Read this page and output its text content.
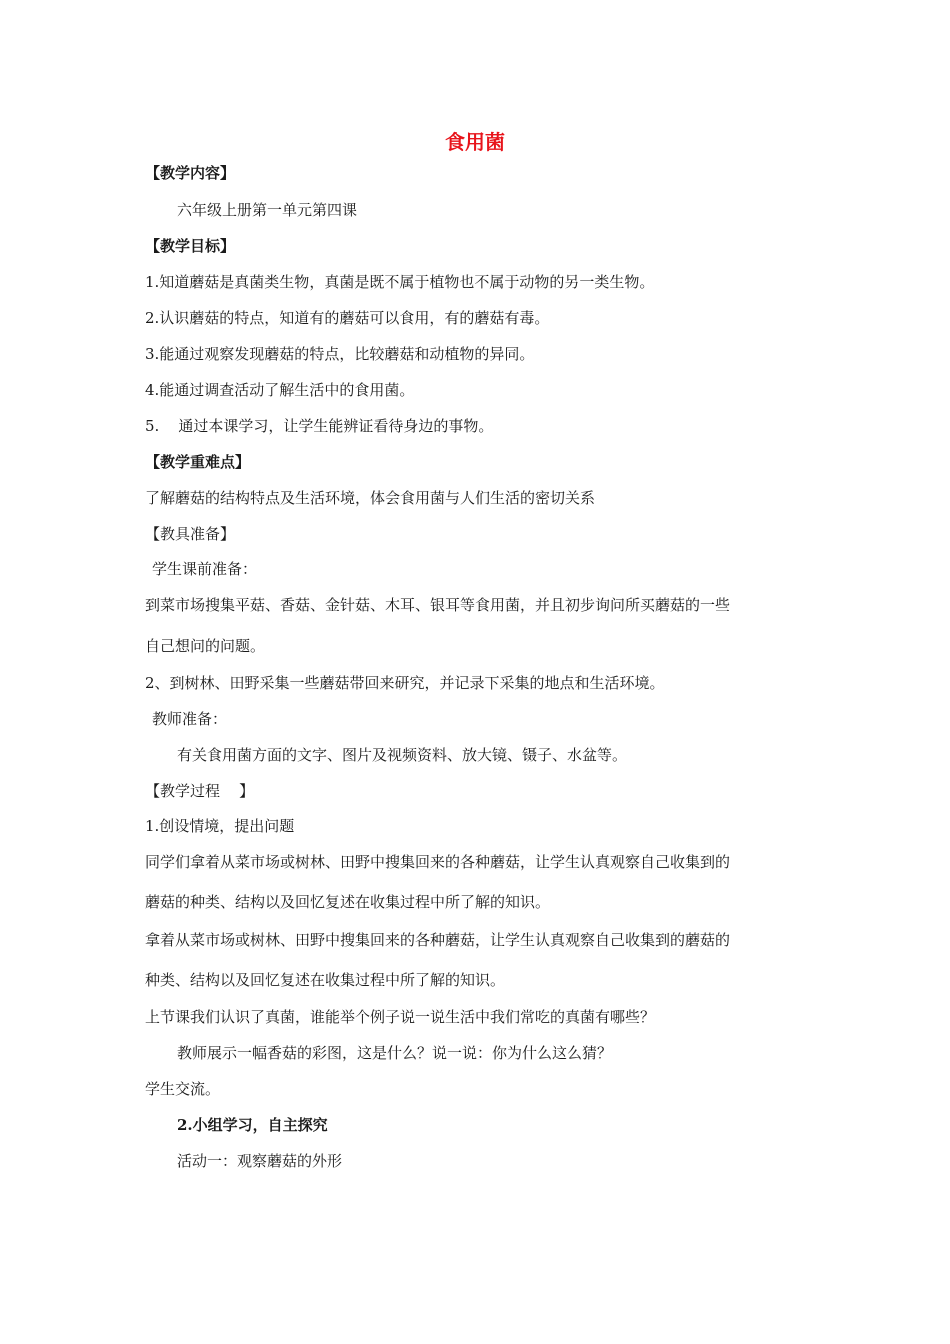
食用菌
【教学内容】
六年级上册第一单元第四课
【教学目标】
1.知道蘑菇是真菌类生物，真菌是既不属于植物也不属于动物的另一类生物。
2.认识蘑菇的特点，知道有的蘑菇可以食用，有的蘑菇有毒。
3.能通过观察发现蘑菇的特点，比较蘑菇和动植物的异同。
4.能通过调查活动了解生活中的食用菌。
5.    通过本课学习，让学生能辨证看待身边的事物。
【教学重难点】
了解蘑菇的结构特点及生活环境，体会食用菌与人们生活的密切关系
【教具准备】
学生课前准备：
到菜市场搜集平菇、香菇、金针菇、木耳、银耳等食用菌，并且初步询问所买蘑菇的一些
自己想问的问题。
2、到树林、田野采集一些蘑菇带回来研究，并记录下采集的地点和生活环境。
教师准备：
有关食用菌方面的文字、图片及视频资料、放大镜、镊子、水盆等。
【教学过程    】
1.创设情境，提出问题
同学们拿着从菜市场或树林、田野中搜集回来的各种蘑菇，让学生认真观察自己收集到的
蘑菇的种类、结构以及回忆复述在收集过程中所了解的知识。
拿着从菜市场或树林、田野中搜集回来的各种蘑菇，让学生认真观察自己收集到的蘑菇的
种类、结构以及回忆复述在收集过程中所了解的知识。
上节课我们认识了真菌，谁能举个例子说一说生活中我们常吃的真菌有哪些？
教师展示一幅香菇的彩图，这是什么？说一说：你为什么这么猜？
学生交流。
2.小组学习，自主探究
活动一：观察蘑菇的外形
